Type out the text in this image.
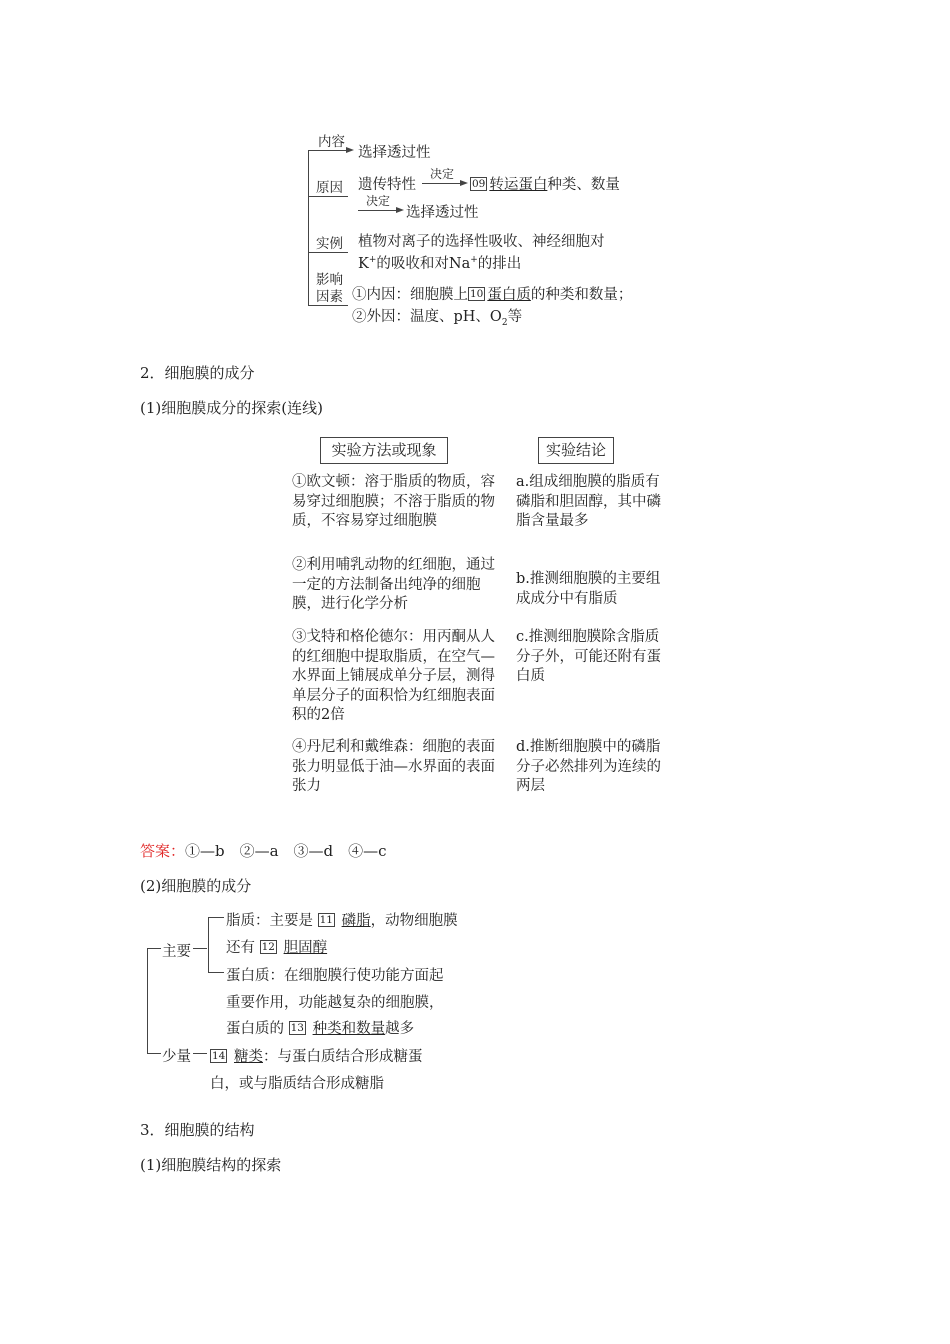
内容
选择透过性
原因 遗传特性
决定
09 转运蛋白种类、数量
决定
选择透过性
实例 植物对离子的选择性吸收、神经细胞对
K+的吸收和对Na+的排出
影响
因素 ①内因：细胞膜上 10 蛋白质的种类和数量；
②外因：温度、pH、$O_2$等
2．细胞膜的成分
(1)细胞膜成分的探索(连线)
实验方法或现象	实验结论
①欧文顿：溶于脂质的物质，容易穿过细胞膜；不溶于脂质的物质，不容易穿过细胞膜
②利用哺乳动物的红细胞，通过一定的方法制备出纯净的细胞膜，进行化学分析
③戈特和格伦德尔：用丙酮从人的红细胞中提取脂质，在空气—水界面上铺展成单分子层，测得单层分子的面积恰为红细胞表面积的2倍
④丹尼利和戴维森：细胞的表面张力明显低于油—水界面的表面张力
a.组成细胞膜的脂质有磷脂和胆固醇，其中磷脂含量最多
b.推测细胞膜的主要组成成分中有脂质
c.推测细胞膜除含脂质分子外，可能还附有蛋白质
d.推断细胞膜中的磷脂分子必然排列为连续的两层
答案：①—b　②—a　③—d　④—c
(2)细胞膜的成分
主要
脂质：主要是 11 磷脂，动物细胞膜
还有 12 胆固醇
蛋白质：在细胞膜行使功能方面起
重要作用，功能越复杂的细胞膜，
蛋白质的 13 种类和数量越多
少量 14 糖类：与蛋白质结合形成糖蛋
白，或与脂质结合形成糖脂
3．细胞膜的结构
(1)细胞膜结构的探索
